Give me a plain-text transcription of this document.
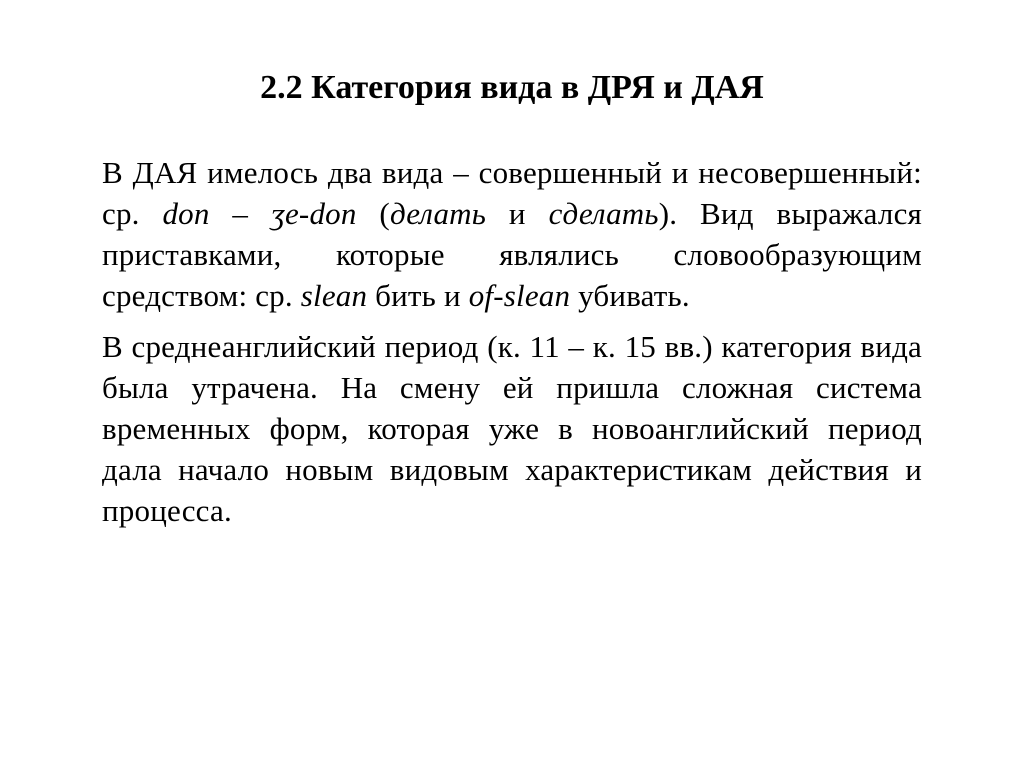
2.2 Категория вида в ДРЯ и ДАЯ

В ДАЯ имелось два вида – совершенный и несовершенный: ср. don – ʒe-don (делать и сделать). Вид выражался приставками, которые являлись словообразующим средством: ср. slean бить и of-slean убивать.

В среднеанглийский период (к. 11 – к. 15 вв.) категория вида была утрачена. На смену ей пришла сложная система временных форм, которая уже в новоанглийский период дала начало новым видовым характеристикам действия и процесса.
